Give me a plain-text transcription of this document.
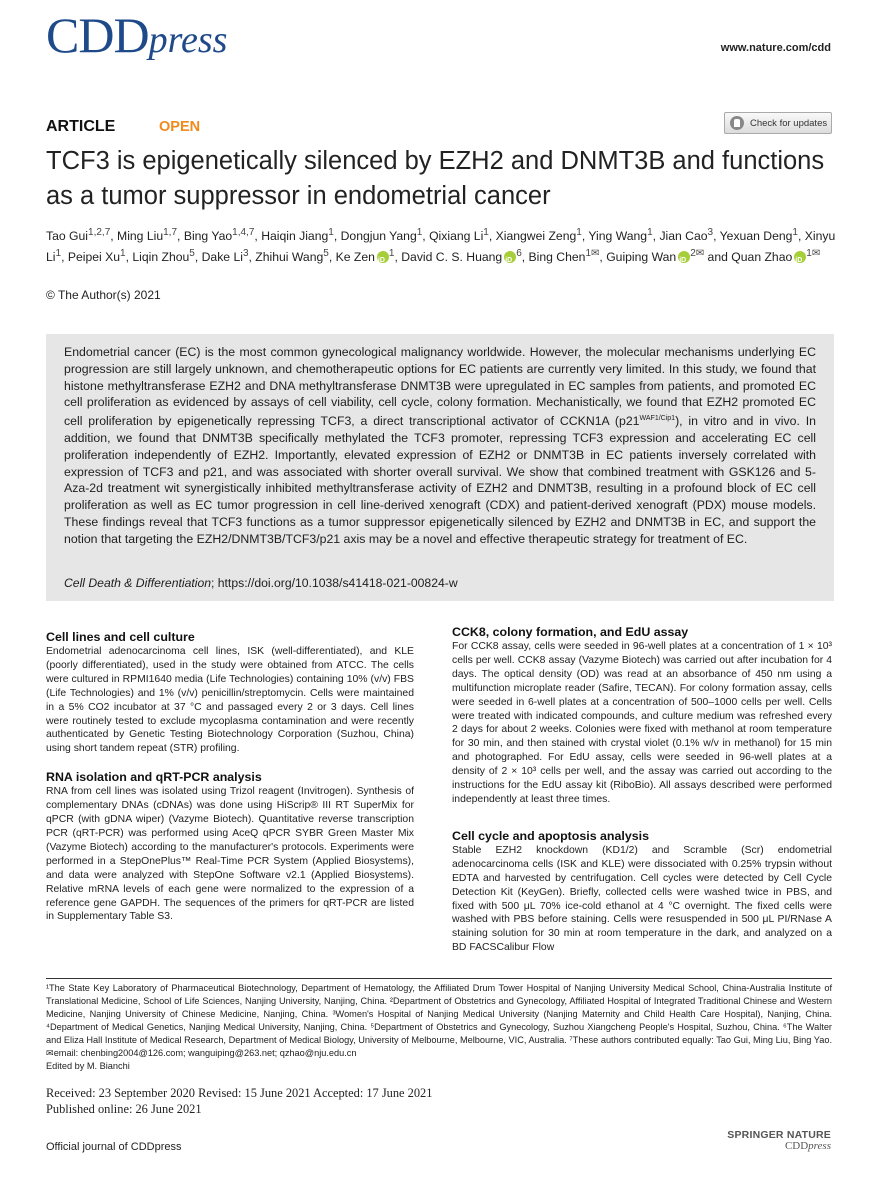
CDDpress	www.nature.com/cdd
ARTICLE	OPEN	Check for updates
TCF3 is epigenetically silenced by EZH2 and DNMT3B and functions as a tumor suppressor in endometrial cancer
Tao Gui$^{1,2,7}$, Ming Liu$^{1,7}$, Bing Yao$^{1,4,7}$, Haiqin Jiang$^1$, Dongjun Yang$^1$, Qixiang Li$^1$, Xiangwei Zeng$^1$, Ying Wang$^1$, Jian Cao$^3$, Yexuan Deng$^1$, Xinyu Li$^1$, Peipei Xu$^1$, Liqin Zhou$^5$, Dake Li$^3$, Zhihui Wang$^5$, Ke Zen iD $^1$, David C. S. Huang iD $^6$, Bing Chen$^{1✉}$, Guiping Wan iD $^{2✉}$ and Quan Zhao iD $^{1✉}$
© The Author(s) 2021

Endometrial cancer (EC) is the most common gynecological malignancy worldwide. However, the molecular mechanisms underlying EC progression are still largely unknown, and chemotherapeutic options for EC patients are currently very limited. In this study, we found that histone methyltransferase EZH2 and DNA methyltransferase DNMT3B were upregulated in EC samples from patients, and promoted EC cell proliferation as evidenced by assays of cell viability, cell cycle, colony formation. Mechanistically, we found that EZH2 promoted EC cell proliferation by epigenetically repressing TCF3, a direct transcriptional activator of CCKN1A $(p21^{WAF1/Cip1})$, in vitro and in vivo. In addition, we found that DNMT3B specifically methylated the TCF3 promoter, repressing TCF3 expression and accelerating EC cell proliferation independently of EZH2. Importantly, elevated expression of EZH2 or DNMT3B in EC patients inversely correlated with expression of TCF3 and p21, and was associated with shorter overall survival. We show that combined treatment with GSK126 and 5-Aza-2d treatment wit synergistically inhibited methyltransferase activity of EZH2 and DNMT3B, resulting in a profound block of EC cell proliferation as well as EC tumor progression in cell line-derived xenograft (CDX) and patient-derived xenograft (PDX) mouse models. These findings reveal that TCF3 functions as a tumor suppressor epigenetically silenced by EZH2 and DNMT3B in EC, and support the notion that targeting the EZH2/DNMT3B/TCF3/p21 axis may be a novel and effective therapeutic strategy for treatment of EC.

Cell Death & Differentiation; https://doi.org/10.1038/s41418-021-00824-w
Cell lines and cell culture

Endometrial adenocarcinoma cell lines, ISK (well-differentiated), and KLE (poorly differentiated), used in the study were obtained from ATCC. The cells were cultured in RPMI1640 media (Life Technologies) containing 10% (v/v) FBS (Life Technologies) and 1% (v/v) penicillin/streptomycin. Cells were maintained in a 5% CO2 incubator at 37 °C and passaged every 2 or 3 days. Cell lines were routinely tested to exclude mycoplasma contamination and were recently authenticated by Genetic Testing Biotechnology Corporation (Suzhou, China) using short tandem repeat (STR) profiling.

RNA isolation and qRT-PCR analysis

RNA from cell lines was isolated using Trizol reagent (Invitrogen). Synthesis of complementary DNAs (cDNAs) was done using HiScrip® III RT SuperMix for qPCR (with gDNA wiper) (Vazyme Biotech). Quantitative reverse transcription PCR (qRT-PCR) was performed using AceQ qPCR SYBR Green Master Mix (Vazyme Biotech) according to the manufacturer's protocols. Experiments were performed in a StepOnePlus™ Real-Time PCR System (Applied Biosystems), and data were analyzed with StepOne Software v2.1 (Applied Biosystems). Relative mRNA levels of each gene were normalized to the expression of a reference gene GAPDH. The sequences of the primers for qRT-PCR are listed in Supplementary Table S3.

CCK8, colony formation, and EdU assay

For CCK8 assay, cells were seeded in 96-well plates at a concentration of 1 × 10³ cells per well. CCK8 assay (Vazyme Biotech) was carried out after incubation for 4 days. The optical density (OD) was read at an absorbance of 450 nm using a multifunction microplate reader (Safire, TECAN). For colony formation assay, cells were seeded in 6-well plates at a concentration of 500–1000 cells per well. Cells were treated with indicated compounds, and culture medium was refreshed every 2 days for about 2 weeks. Colonies were fixed with methanol at room temperature for 30 min, and then stained with crystal violet (0.1% w/v in methanol) for 15 min and photographed. For EdU assay, cells were seeded in 96-well plates at a density of 2 × 10³ cells per well, and the assay was carried out according to the instructions for the EdU assay kit (RiboBio). All assays described were performed independently at least three times.

Cell cycle and apoptosis analysis

Stable EZH2 knockdown (KD1/2) and Scramble (Scr) endometrial adenocarcinoma cells (ISK and KLE) were dissociated with 0.25% trypsin without EDTA and harvested by centrifugation. Cell cycles were detected by Cell Cycle Detection Kit (KeyGen). Briefly, collected cells were washed twice in PBS, and fixed with 500 μL 70% ice-cold ethanol at 4 °C overnight. The fixed cells were washed with PBS before staining. Cells were resuspended in 500 μL PI/RNase A staining solution for 30 min at room temperature in the dark, and analyzed on a BD FACSCalibur Flow

¹The State Key Laboratory of Pharmaceutical Biotechnology, Department of Hematology, the Affiliated Drum Tower Hospital of Nanjing University Medical School, China-Australia Institute of Translational Medicine, School of Life Sciences, Nanjing University, Nanjing, China. ²Department of Obstetrics and Gynecology, Affiliated Hospital of Integrated Traditional Chinese and Western Medicine, Nanjing University of Chinese Medicine, Nanjing, China. ³Women's Hospital of Nanjing Medical University (Nanjing Maternity and Child Health Care Hospital), Nanjing, China. ⁴Department of Medical Genetics, Nanjing Medical University, Nanjing, China. ⁵Department of Obstetrics and Gynecology, Suzhou Xiangcheng People's Hospital, Suzhou, China. ⁶The Walter and Eliza Hall Institute of Medical Research, Department of Medical Biology, University of Melbourne, Melbourne, VIC, Australia. ⁷These authors contributed equally: Tao Gui, Ming Liu, Bing Yao. ✉email: chenbing2004@126.com; wanguiping@263.net; qzhao@nju.edu.cn

Edited by M. Bianchi

Received: 23 September 2020 Revised: 15 June 2021 Accepted: 17 June 2021
Published online: 26 June 2021
Official journal of CDDpress
SPRINGER NATURE
CDDpress
